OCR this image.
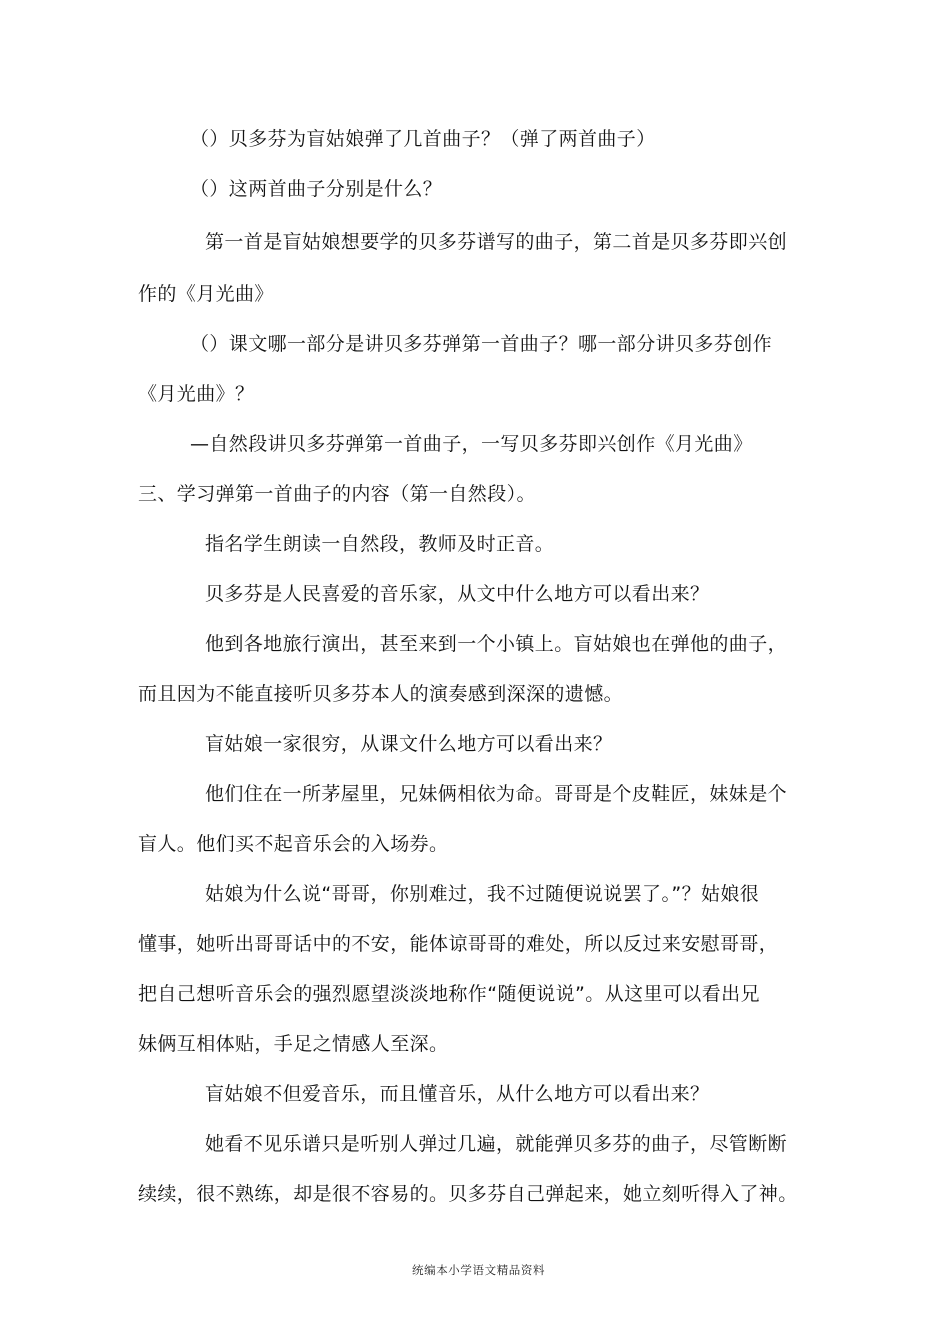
（）贝多芬为盲姑娘弹了几首曲子？（弹了两首曲子）
（）这两首曲子分别是什么？
第一首是盲姑娘想要学的贝多芬谱写的曲子，第二首是贝多芬即兴创
作的《月光曲》
（）课文哪一部分是讲贝多芬弹第一首曲子？哪一部分讲贝多芬创作
《月光曲》？
—自然段讲贝多芬弹第一首曲子，一写贝多芬即兴创作《月光曲》
三、学习弹第一首曲子的内容（第一自然段）。
指名学生朗读一自然段，教师及时正音。
贝多芬是人民喜爱的音乐家，从文中什么地方可以看出来？
他到各地旅行演出，甚至来到一个小镇上。盲姑娘也在弹他的曲子，
而且因为不能直接听贝多芬本人的演奏感到深深的遗憾。
盲姑娘一家很穷，从课文什么地方可以看出来？
他们住在一所茅屋里，兄妹俩相依为命。哥哥是个皮鞋匠，妹妹是个
盲人。他们买不起音乐会的入场券。
姑娘为什么说“哥哥，你别难过，我不过随便说说罢了。”？姑娘很
懂事，她听出哥哥话中的不安，能体谅哥哥的难处，所以反过来安慰哥哥，
把自己想听音乐会的强烈愿望淡淡地称作“随便说说”。从这里可以看出兄
妹俩互相体贴，手足之情感人至深。
盲姑娘不但爱音乐，而且懂音乐，从什么地方可以看出来？
她看不见乐谱只是听别人弹过几遍，就能弹贝多芬的曲子，尽管断断
续续，很不熟练，却是很不容易的。贝多芬自己弹起来，她立刻听得入了神。
统编本小学语文精品资料
